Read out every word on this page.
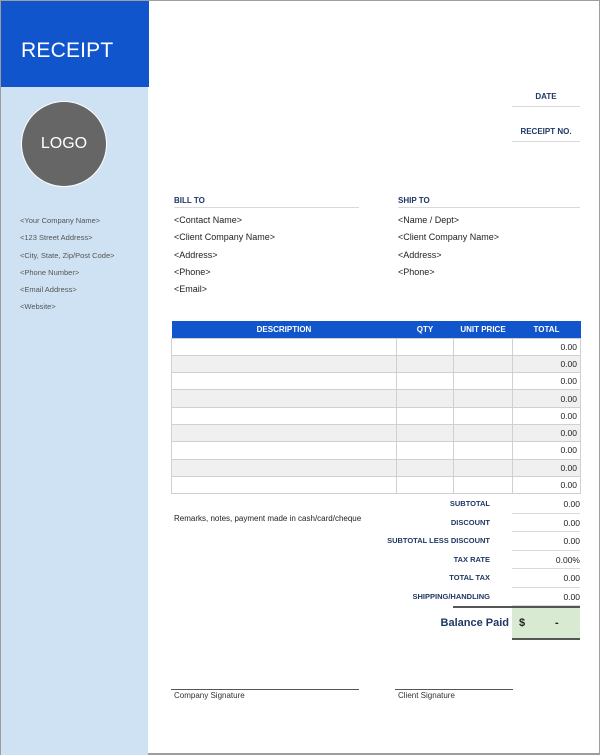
RECEIPT
LOGO
<Your Company Name>
<123 Street Address>
<City, State, Zip/Post Code>
<Phone Number>
<Email Address>
<Website>
DATE
RECEIPT NO.
BILL TO
<Contact Name>
<Client Company Name>
<Address>
<Phone>
<Email>
SHIP TO
<Name / Dept>
<Client Company Name>
<Address>
<Phone>
DESCRIPTION	QTY	UNIT PRICE	TOTAL
			0.00
			0.00
			0.00
			0.00
			0.00
			0.00
			0.00
			0.00
			0.00
Remarks, notes, payment made in cash/card/cheque
SUBTOTAL	0.00
DISCOUNT	0.00
SUBTOTAL LESS DISCOUNT	0.00
TAX RATE	0.00%
TOTAL TAX	0.00
SHIPPING/HANDLING	0.00
Balance Paid $	-
Company Signature	Client Signature
